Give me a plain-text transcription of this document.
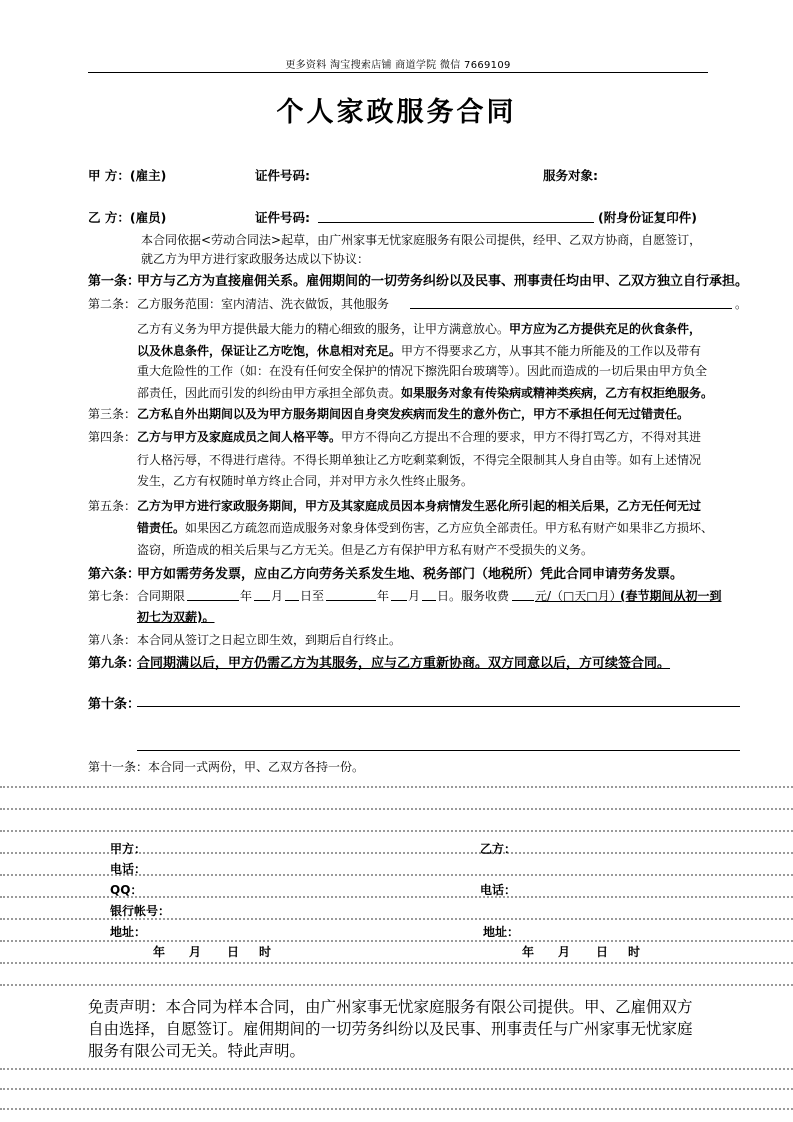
更多资料 淘宝搜索店铺 商道学院 微信 7669109
个人家政服务合同
甲 方：(雇主)	证件号码:	服务对象:
乙 方：(雇员)	证件号码:	(附身份证复印件)
本合同依据<劳动合同法>起草，由广州家事无忧家庭服务有限公司提供，经甲、乙双方协商，自愿签订，
就乙方为甲方进行家政服务达成以下协议：
第一条：
甲方与乙方为直接雇佣关系。雇佣期间的一切劳务纠纷以及民事、刑事责任均由甲、乙双方独立自行承担。
第二条： 乙方服务范围：室内清洁、洗衣做饭，其他服务	。
乙方有义务为甲方提供最大能力的精心细致的服务，让甲方满意放心。甲方应为乙方提供充足的伙食条件，
以及休息条件，保证让乙方吃饱，休息相对充足。甲方不得要求乙方，从事其不能力所能及的工作以及带有
重大危险性的工作（如：在没有任何安全保护的情况下擦洗阳台玻璃等）。因此而造成的一切后果由甲方负全
部责任，因此而引发的纠纷由甲方承担全部负责。如果服务对象有传染病或精神类疾病，乙方有权拒绝服务。
第三条： 乙方私自外出期间以及为甲方服务期间因自身突发疾病而发生的意外伤亡，甲方不承担任何无过错责任。
第四条： 乙方与甲方及家庭成员之间人格平等。甲方不得向乙方提出不合理的要求，甲方不得打骂乙方，不得对其进
行人格污辱，不得进行虐待。不得长期单独让乙方吃剩菜剩饭，不得完全限制其人身自由等。如有上述情况
发生，乙方有权随时单方终止合同，并对甲方永久性终止服务。
第五条： 乙方为甲方进行家政服务期间，甲方及其家庭成员因本身病情发生恶化所引起的相关后果，乙方无任何无过
错责任。如果因乙方疏忽而造成服务对象身体受到伤害，乙方应负全部责任。甲方私有财产如果非乙方损坏、
盗窃，所造成的相关后果与乙方无关。但是乙方有保护甲方私有财产不受损失的义务。
第六条：
甲方如需劳务发票，应由乙方向劳务关系发生地、税务部门（地税所）凭此合同申请劳务发票。
第七条： 合同期限	年 月 日至	年 月 日 。服务收费 元/（□天□月）
(春节期间从初一到
初七为双薪)。
第八条： 本合同从签订之日起立即生效，到期后自行终止。
第九条：
合同期满以后，甲方仍需乙方为其服务，应与乙方重新协商。双方同意以后，方可续签合同。
第十条：
第十一条：本合同一式两份，甲、乙双方各持一份。
甲方：	乙方：
电话：
QQ：	电话：
银行帐号：
地址：	地址：
年 月 日 时	年 月 日 时
免责声明：本合同为样本合同，由广州家事无忧家庭服务有限公司提供。甲、乙雇佣双方
自由选择，自愿签订。雇佣期间的一切劳务纠纷以及民事、刑事责任与广州家事无忧家庭
服务有限公司无关。特此声明。
